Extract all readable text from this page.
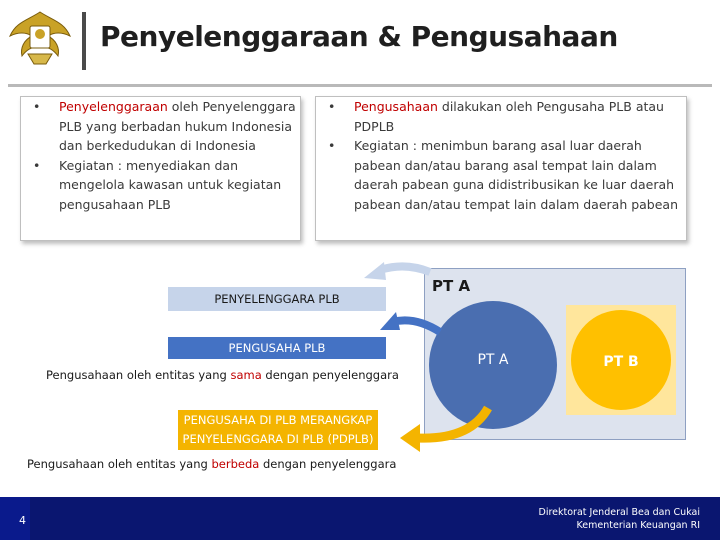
Penyelenggaraan & Pengusahaan
• Penyelenggaraan oleh Penyelenggara PLB yang berbadan hukum Indonesia dan berkedudukan di Indonesia
• Kegiatan : menyediakan dan mengelola kawasan untuk kegiatan pengusahaan PLB
• Pengusahaan dilakukan oleh Pengusaha PLB atau PDPLB
• Kegiatan : menimbun barang asal luar daerah pabean dan/atau barang asal tempat lain dalam daerah pabean guna didistribusikan ke luar daerah pabean dan/atau tempat lain dalam daerah pabean
PENYELENGGARA PLB
PENGUSAHA PLB
Pengusahaan oleh entitas yang sama dengan penyelenggara
PENGUSAHA DI PLB MERANGKAP
PENYELENGGARA DI PLB (PDPLB)
Pengusahaan oleh entitas yang berbeda dengan penyelenggara
PT A
PT A	PT B
4
Direktorat Jenderal Bea dan Cukai
Kementerian Keuangan RI
